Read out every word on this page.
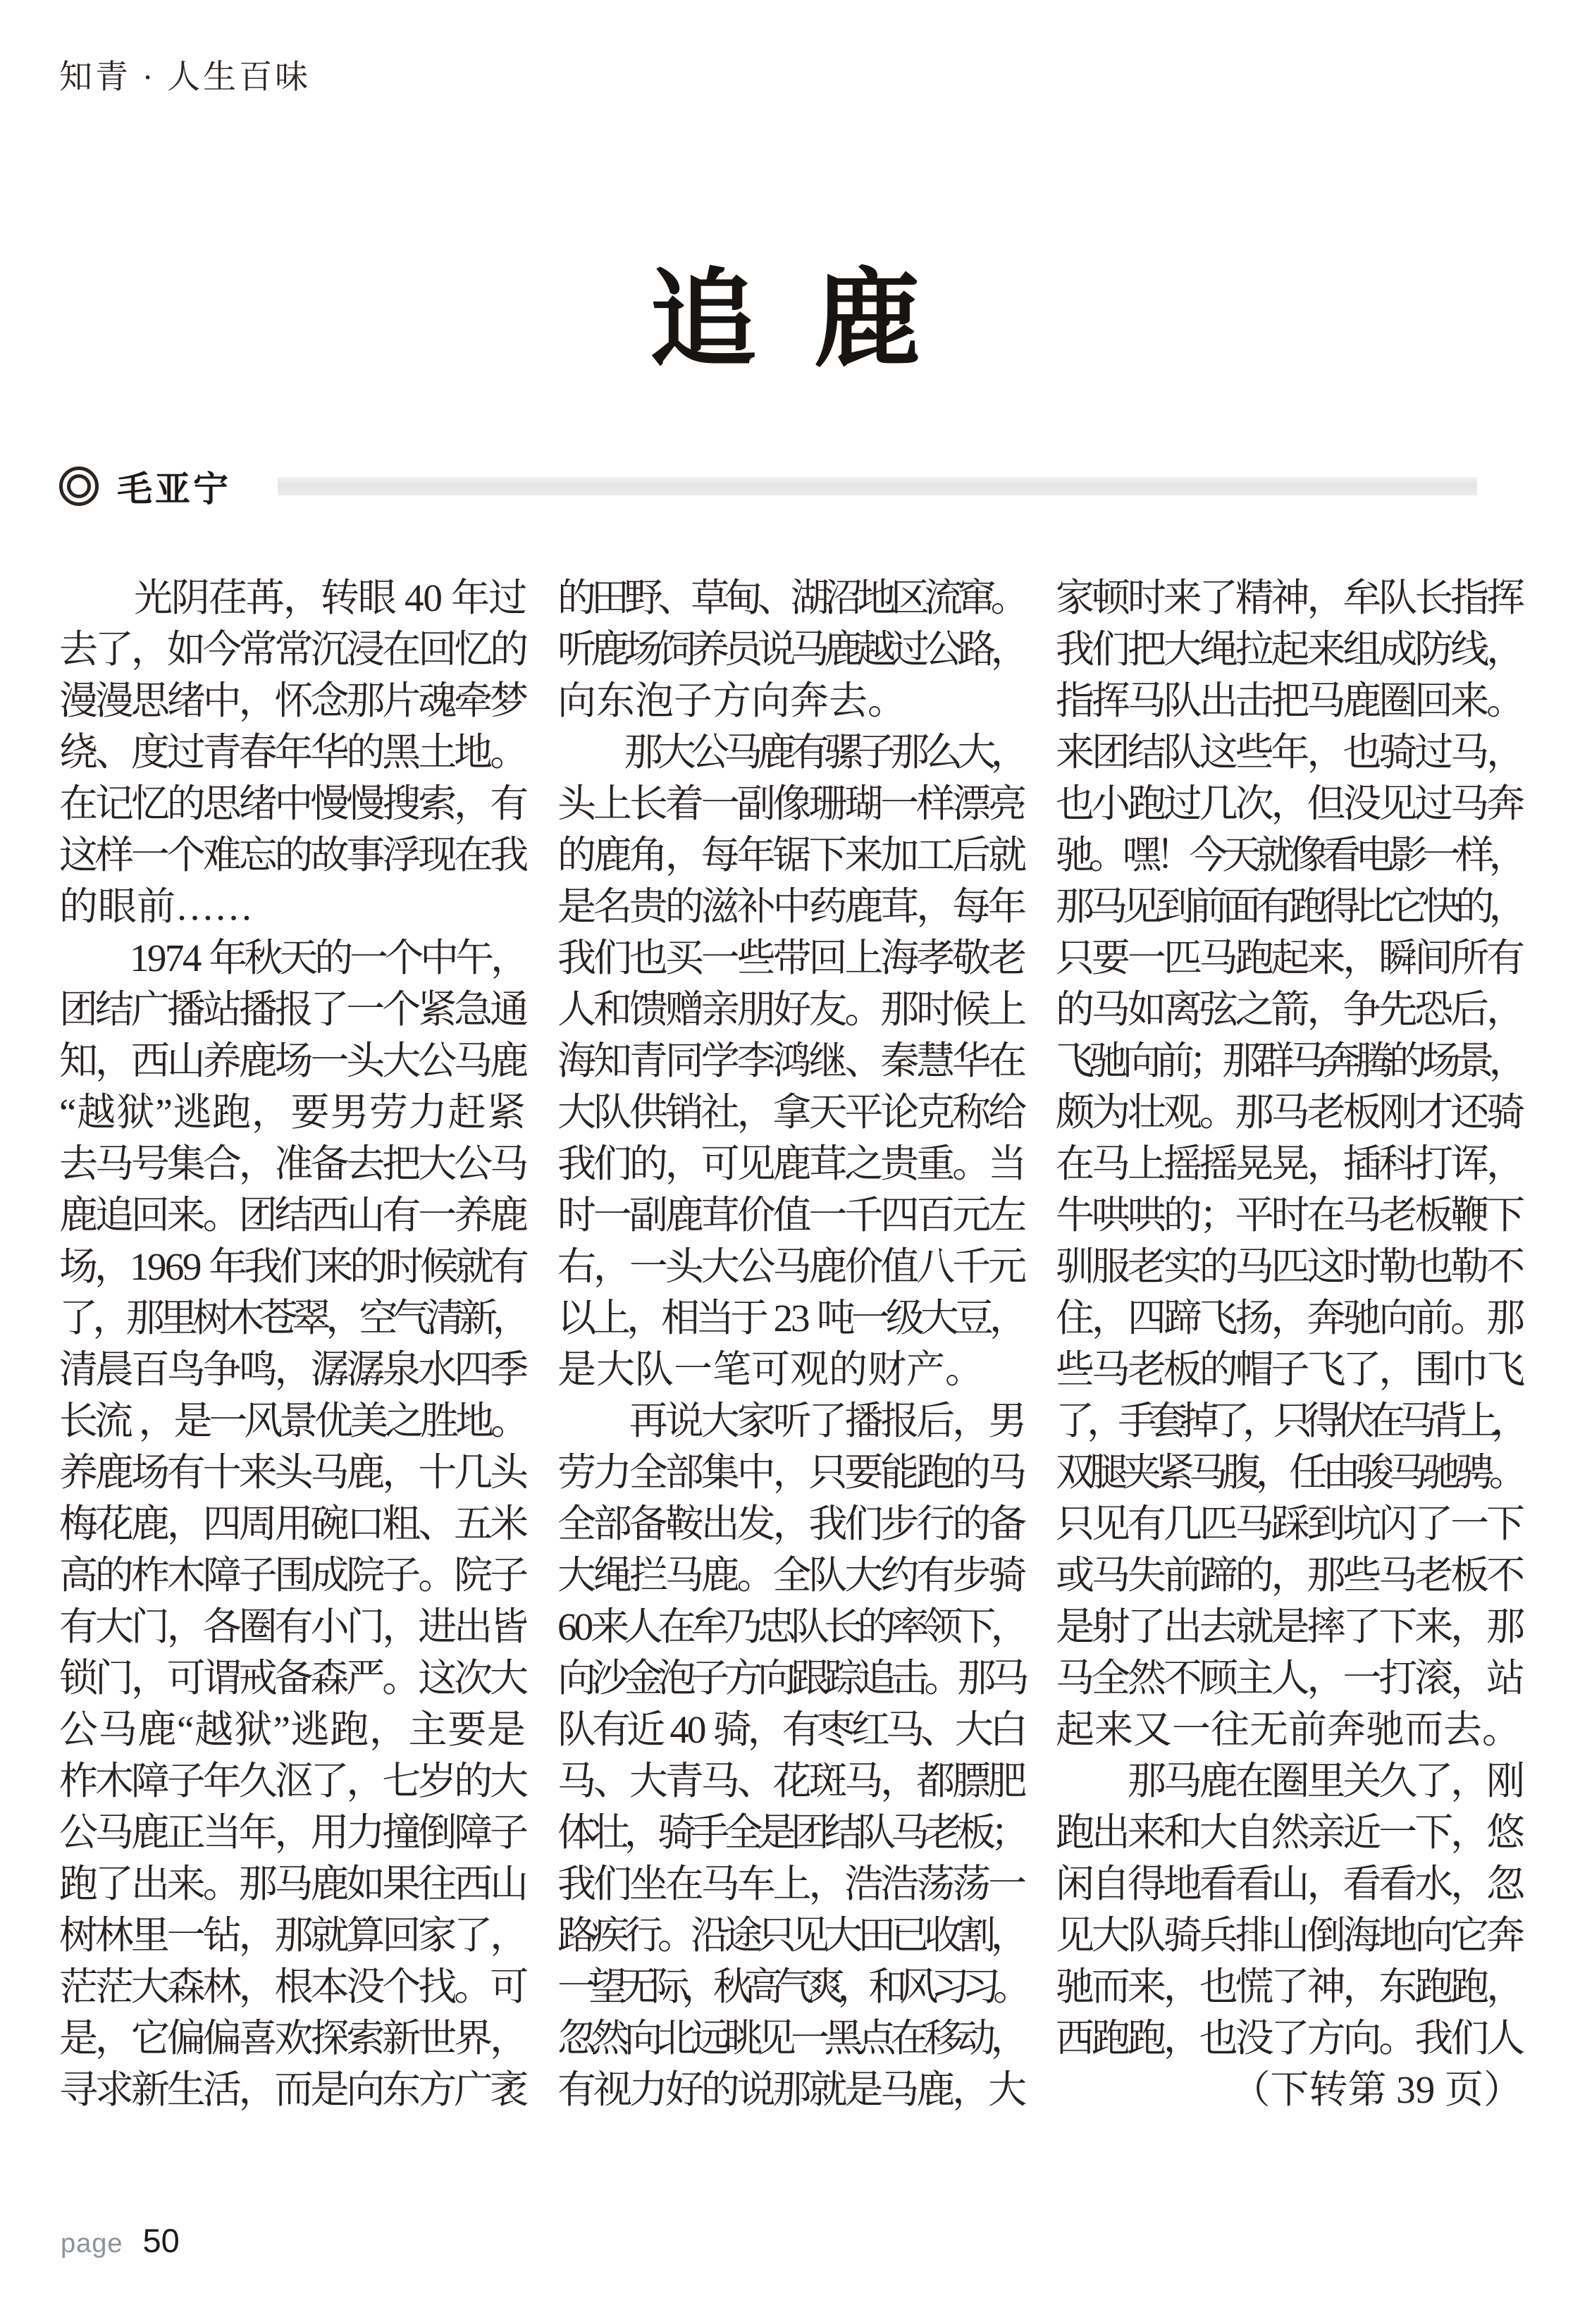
知青 · 人生百味
追 鹿
毛亚宁

光
阴
荏
苒
，
转
眼
4
0
年
过
去
了
，
如
今
常
常
沉
浸
在
回
忆
的
漫
漫
思
绪
中
，
怀
念
那
片
魂
牵
梦
绕
、
度
过
青
春
年
华
的
黑
土
地
。
在
记
忆
的
思
绪
中
慢
慢
搜
索
，
有
这
样
一
个
难
忘
的
故
事
浮
现
在
我
的眼前……

1
9
7
4
年
秋
天
的
一
个
中
午
，
团
结
广
播
站
播
报
了
一
个
紧
急
通
知
，
西
山
养
鹿
场
一
头
大
公
马
鹿
“ 越 狱 ” 逃 跑 ， 要 男 劳 力 赶 紧
去
马
号
集
合
，
准
备
去
把
大
公
马
鹿
追
回
来
。
团
结
西
山
有
一
养
鹿
场
，
1
9
6
9
年
我
们
来
的
时
候
就
有
了
，
那
里
树
木
苍
翠
，
空
气
清
新
，
清
晨
百
鸟
争
鸣
，
潺
潺
泉
水
四
季
长
流
，
是
一
风
景
优
美
之
胜
地
。
养
鹿
场
有
十
来
头
马
鹿
，
十
几
头
梅
花
鹿
，
四
周
用
碗
口
粗
、
五
米
高
的
柞
木
障
子
围
成
院
子
。
院
子
有
大
门
，
各
圈
有
小
门
，
进
出
皆
锁
门
，
可
谓
戒
备
森
严
。
这
次
大
公 马 鹿 “ 越 狱 ” 逃 跑 ， 主 要 是
柞
木
障
子
年
久
沤
了
，
七
岁
的
大
公
马
鹿
正
当
年
，
用
力
撞
倒
障
子
跑
了
出
来
。
那
马
鹿
如
果
往
西
山
树
林
里
一
钻
，
那
就
算
回
家
了
，
茫
茫
大
森
林
，
根
本
没
个
找
。
可
是
，
它
偏
偏
喜
欢
探
索
新
世
界
，
寻
求
新
生
活
，
而
是
向
东
方
广
袤
的
田
野
、
草
甸
、
湖
沼
地
区
流
窜
。
听
鹿
场
饲
养
员
说
马
鹿
越
过
公
路
，
向东泡子方向奔去。

那
大
公
马
鹿
有
骡
子
那
么
大
，
头
上
长
着
一
副
像
珊
瑚
一
样
漂
亮
的
鹿
角
，
每
年
锯
下
来
加
工
后
就
是
名
贵
的
滋
补
中
药
鹿
茸
，
每
年
我
们
也
买
一
些
带
回
上
海
孝
敬
老
人
和
馈
赠
亲
朋
好
友
。
那
时
候
上
海
知
青
同
学
李
鸿
继
、
秦
慧
华
在
大
队
供
销
社
，
拿
天
平
论
克
称
给
我
们
的
，
可
见
鹿
茸
之
贵
重
。
当
时
一
副
鹿
茸
价
值
一
千
四
百
元
左
右
，
一
头
大
公
马
鹿
价
值
八
千
元
以
上
，
相
当
于
2
3
吨
一
级
大
豆
，
是大队一笔可观的财产。

再
说
大
家
听
了
播
报
后
，
男
劳
力
全
部
集
中
，
只
要
能
跑
的
马
全
部
备
鞍
出
发
，
我
们
步
行
的
备
大
绳
拦
马
鹿
。
全
队
大
约
有
步
骑
6
0
来
人
在
牟
乃
忠
队
长
的
率
领
下
，
向
沙
金
泡
子
方
向
跟
踪
追
击
。
那
马
队
有
近
4
0
骑
，
有
枣
红
马
、
大
白
马
、
大
青
马
、
花
斑
马
，
都
膘
肥
体
壮
，
骑
手
全
是
团
结
队
马
老
板
；
我
们
坐
在
马
车
上
，
浩
浩
荡
荡
一
路
疾
行
。
沿
途
只
见
大
田
已
收
割
，
一
望
无
际
，
秋
高
气
爽
，
和
风
习
习
。
忽
然
向
北
远
眺
见
一
黑
点
在
移
动
，
有
视
力
好
的
说
那
就
是
马
鹿
，
大
家
顿
时
来
了
精
神
，
牟
队
长
指
挥
我
们
把
大
绳
拉
起
来
组
成
防
线
，
指
挥
马
队
出
击
把
马
鹿
圈
回
来
。
来
团
结
队
这
些
年
，
也
骑
过
马
，
也
小
跑
过
几
次
，
但
没
见
过
马
奔
驰
。
嘿
！
今
天
就
像
看
电
影
一
样
，
那
马
见
到
前
面
有
跑
得
比
它
快
的
，
只
要
一
匹
马
跑
起
来
，
瞬
间
所
有
的
马
如
离
弦
之
箭
，
争
先
恐
后
，
飞
驰
向
前
；
那
群
马
奔
腾
的
场
景
，
颇
为
壮
观
。
那
马
老
板
刚
才
还
骑
在
马
上
摇
摇
晃
晃
，
插
科
打
诨
，
牛
哄
哄
的
；
平
时
在
马
老
板
鞭
下
驯
服
老
实
的
马
匹
这
时
勒
也
勒
不
住
，
四
蹄
飞
扬
，
奔
驰
向
前
。
那
些
马
老
板
的
帽
子
飞
了
，
围
巾
飞
了
，
手
套
掉
了
，
只
得
伏
在
马
背
上
，
双
腿
夹
紧
马
腹
，
任
由
骏
马
驰
骋
。
只
见
有
几
匹
马
踩
到
坑
闪
了
一
下
或
马
失
前
蹄
的
，
那
些
马
老
板
不
是
射
了
出
去
就
是
摔
了
下
来
，
那
马
全
然
不
顾
主
人
，
一
打
滚
，
站
起来又一往无前奔驰而去。

那
马
鹿
在
圈
里
关
久
了
，
刚
跑
出
来
和
大
自
然
亲
近
一
下
，
悠
闲
自
得
地
看
看
山
，
看
看
水
，
忽
见
大
队
骑
兵
排
山
倒
海
地
向
它
奔
驰
而
来
，
也
慌
了
神
，
东
跑
跑
，
西
跑
跑
，
也
没
了
方
向
。
我
们
人
（下转第 39 页）
page 50
